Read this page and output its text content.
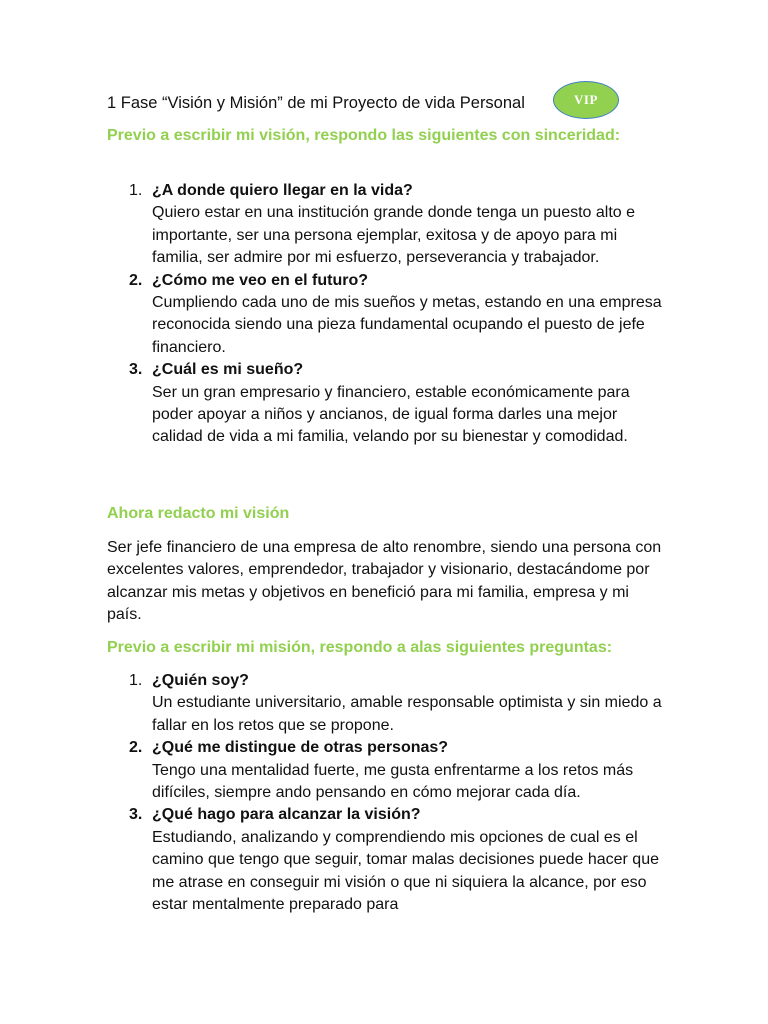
1 Fase “Visión y Misión” de mi Proyecto de vida Personal	VIP
Previo a escribir mi visión, respondo las siguientes con sinceridad:
1. ¿A donde quiero llegar en la vida?
Quiero estar en una institución grande donde tenga un puesto alto e importante, ser una persona ejemplar, exitosa y de apoyo para mi familia, ser admire por mi esfuerzo, perseverancia y trabajador.
2. ¿Cómo me veo en el futuro?
Cumpliendo cada uno de mis sueños y metas, estando en una empresa reconocida siendo una pieza fundamental ocupando el puesto de jefe financiero.
3. ¿Cuál es mi sueño?
Ser un gran empresario y financiero, estable económicamente para poder apoyar a niños y ancianos, de igual forma darles una mejor calidad de vida a mi familia, velando por su bienestar y comodidad.
Ahora redacto mi visión
Ser jefe financiero de una empresa de alto renombre, siendo una persona con excelentes valores, emprendedor, trabajador y visionario, destacándome por alcanzar mis metas y objetivos en benefició para mi familia, empresa y mi país.
Previo a escribir mi misión, respondo a alas siguientes preguntas:
1. ¿Quién soy?
Un estudiante universitario, amable responsable optimista y sin miedo a fallar en los retos que se propone.
2. ¿Qué me distingue de otras personas?
Tengo una mentalidad fuerte, me gusta enfrentarme a los retos más difíciles, siempre ando pensando en cómo mejorar cada día.
3. ¿Qué hago para alcanzar la visión?
Estudiando, analizando y comprendiendo mis opciones de cual es el camino que tengo que seguir, tomar malas decisiones puede hacer que me atrase en conseguir mi visión o que ni siquiera la alcance, por eso estar mentalmente preparado para
